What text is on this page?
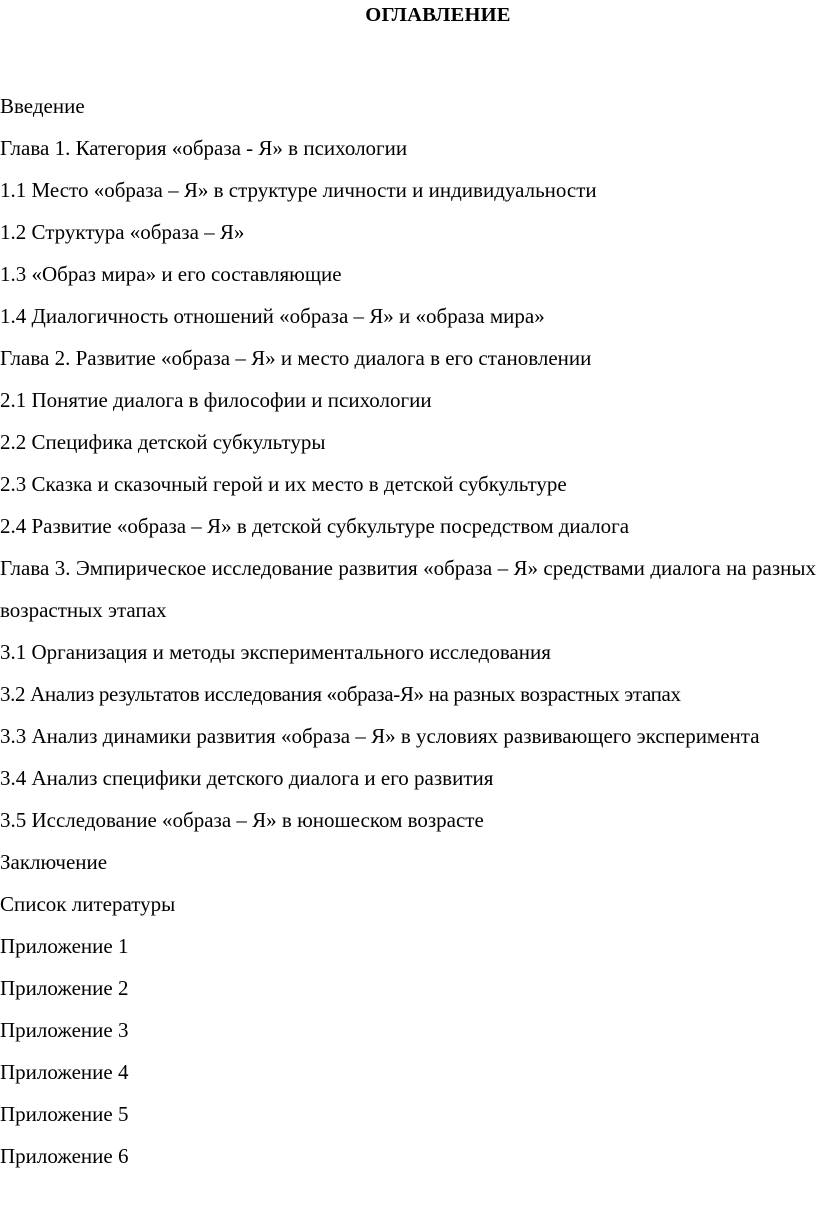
ОГЛАВЛЕНИЕ
Введение
Глава 1. Категория «образа - Я» в психологии
1.1 Место «образа – Я» в структуре личности и индивидуальности
1.2 Структура «образа – Я»
1.3 «Образ мира» и его составляющие
1.4 Диалогичность отношений «образа – Я» и «образа мира»
Глава 2. Развитие «образа – Я» и место диалога в его становлении
2.1 Понятие диалога в философии и психологии
2.2 Специфика детской субкультуры
2.3 Сказка и сказочный герой и их место в детской субкультуре
2.4 Развитие «образа – Я» в детской субкультуре посредством диалога
Глава 3. Эмпирическое исследование развития «образа – Я» средствами диалога на разных возрастных этапах
3.1 Организация и методы экспериментального исследования
3.2 Анализ результатов исследования «образа-Я» на разных возрастных этапах
3.3 Анализ динамики развития «образа – Я» в условиях развивающего эксперимента
3.4 Анализ специфики детского диалога и его развития
3.5 Исследование «образа – Я» в юношеском возрасте
Заключение
Список литературы
Приложение 1
Приложение 2
Приложение 3
Приложение 4
Приложение 5
Приложение 6
